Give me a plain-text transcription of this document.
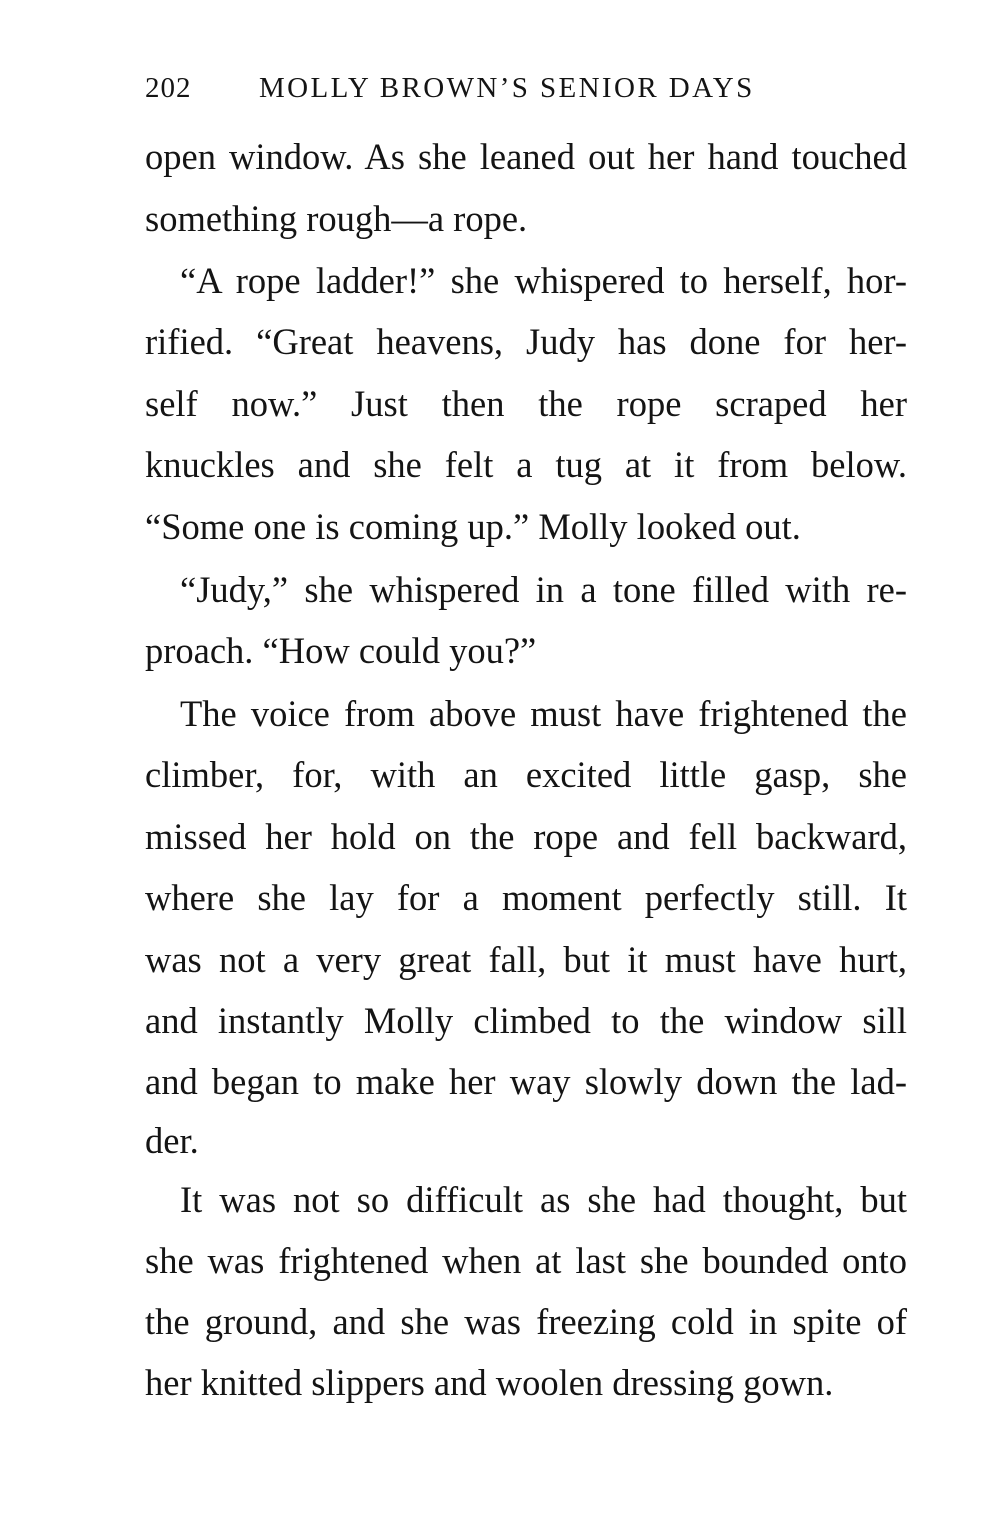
202 MOLLY BROWN’S SENIOR DAYS
open window. As she leaned out her hand touched
something rough—a rope.
“A rope ladder!” she whispered to herself, hor-
rified. “Great heavens, Judy has done for her-
self now.” Just then the rope scraped her
knuckles and she felt a tug at it from below.
“Some one is coming up.” Molly looked out.
“Judy,” she whispered in a tone filled with re-
proach. “How could you?”
The voice from above must have frightened the
climber, for, with an excited little gasp, she
missed her hold on the rope and fell backward,
where she lay for a moment perfectly still. It
was not a very great fall, but it must have hurt,
and instantly Molly climbed to the window sill
and began to make her way slowly down the lad-
der.
It was not so difficult as she had thought, but
she was frightened when at last she bounded onto
the ground, and she was freezing cold in spite of
her knitted slippers and woolen dressing gown.
